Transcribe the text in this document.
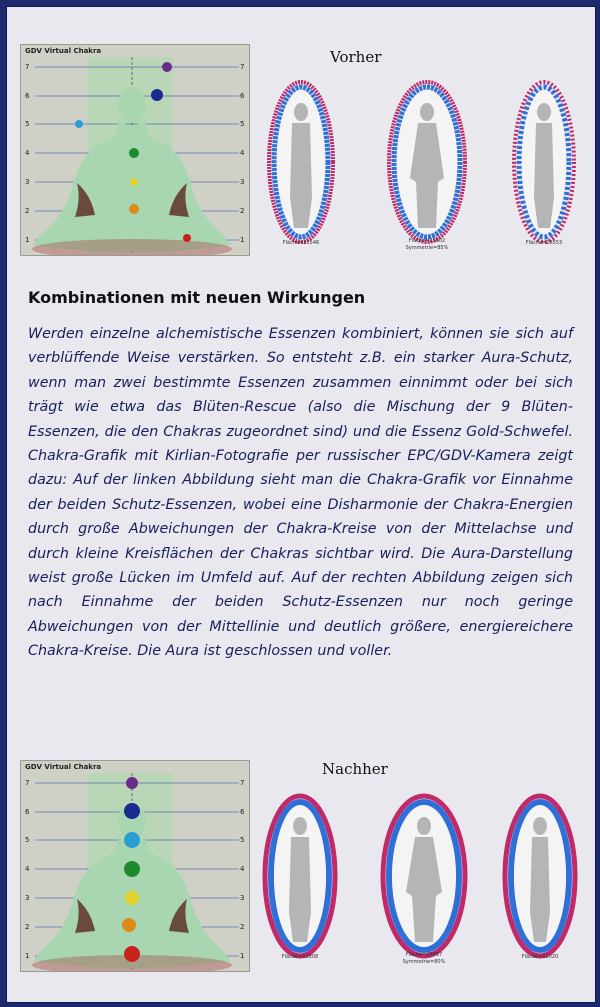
7
6
5
4
3
2
1
7
6
5
4
3
2
1
GDV Virtual Chakra	Vorher
Fläche=21546	Fläche=21602
Symmetrie=85%
Fläche=18553
Kombinationen mit neuen Wirkungen
Werden einzelne alchemistische Essenzen kombiniert, können sie sich auf verblüffende Weise verstärken. So entsteht z.B. ein starker Aura-Schutz, wenn man zwei bestimmte Essenzen zusammen einnimmt oder bei sich trägt wie etwa das Blüten-Rescue (also die Mischung der 9 Blüten-Essenzen, die den Chakras zugeordnet sind) und die Essenz Gold-Schwefel. Chakra-Grafik mit Kirlian-Fotografie per russischer EPC/GDV-Kamera zeigt dazu: Auf der linken Abbildung sieht man die Chakra-Grafik vor Einnahme der beiden Schutz-Essenzen, wobei eine Disharmonie der Chakra-Energien durch große Abweichungen der Chakra-Kreise von der Mittelachse und durch kleine Kreisflächen der Chakras sichtbar wird. Die Aura-Darstellung weist große Lücken im Umfeld auf. Auf der rechten Abbildung zeigen sich nach Einnahme der beiden Schutz-Essenzen nur noch geringe Abweichungen von der Mittellinie und deutlich größere, energiereichere Chakra-Kreise. Die Aura ist geschlossen und voller.
7
6
5
4
3
2
1
7
6
5
4
3
2
1
GDV Virtual Chakra	Nachher
Fläche=22808	Fläche=25857
Symmetrie=80%
Fläche=22020
